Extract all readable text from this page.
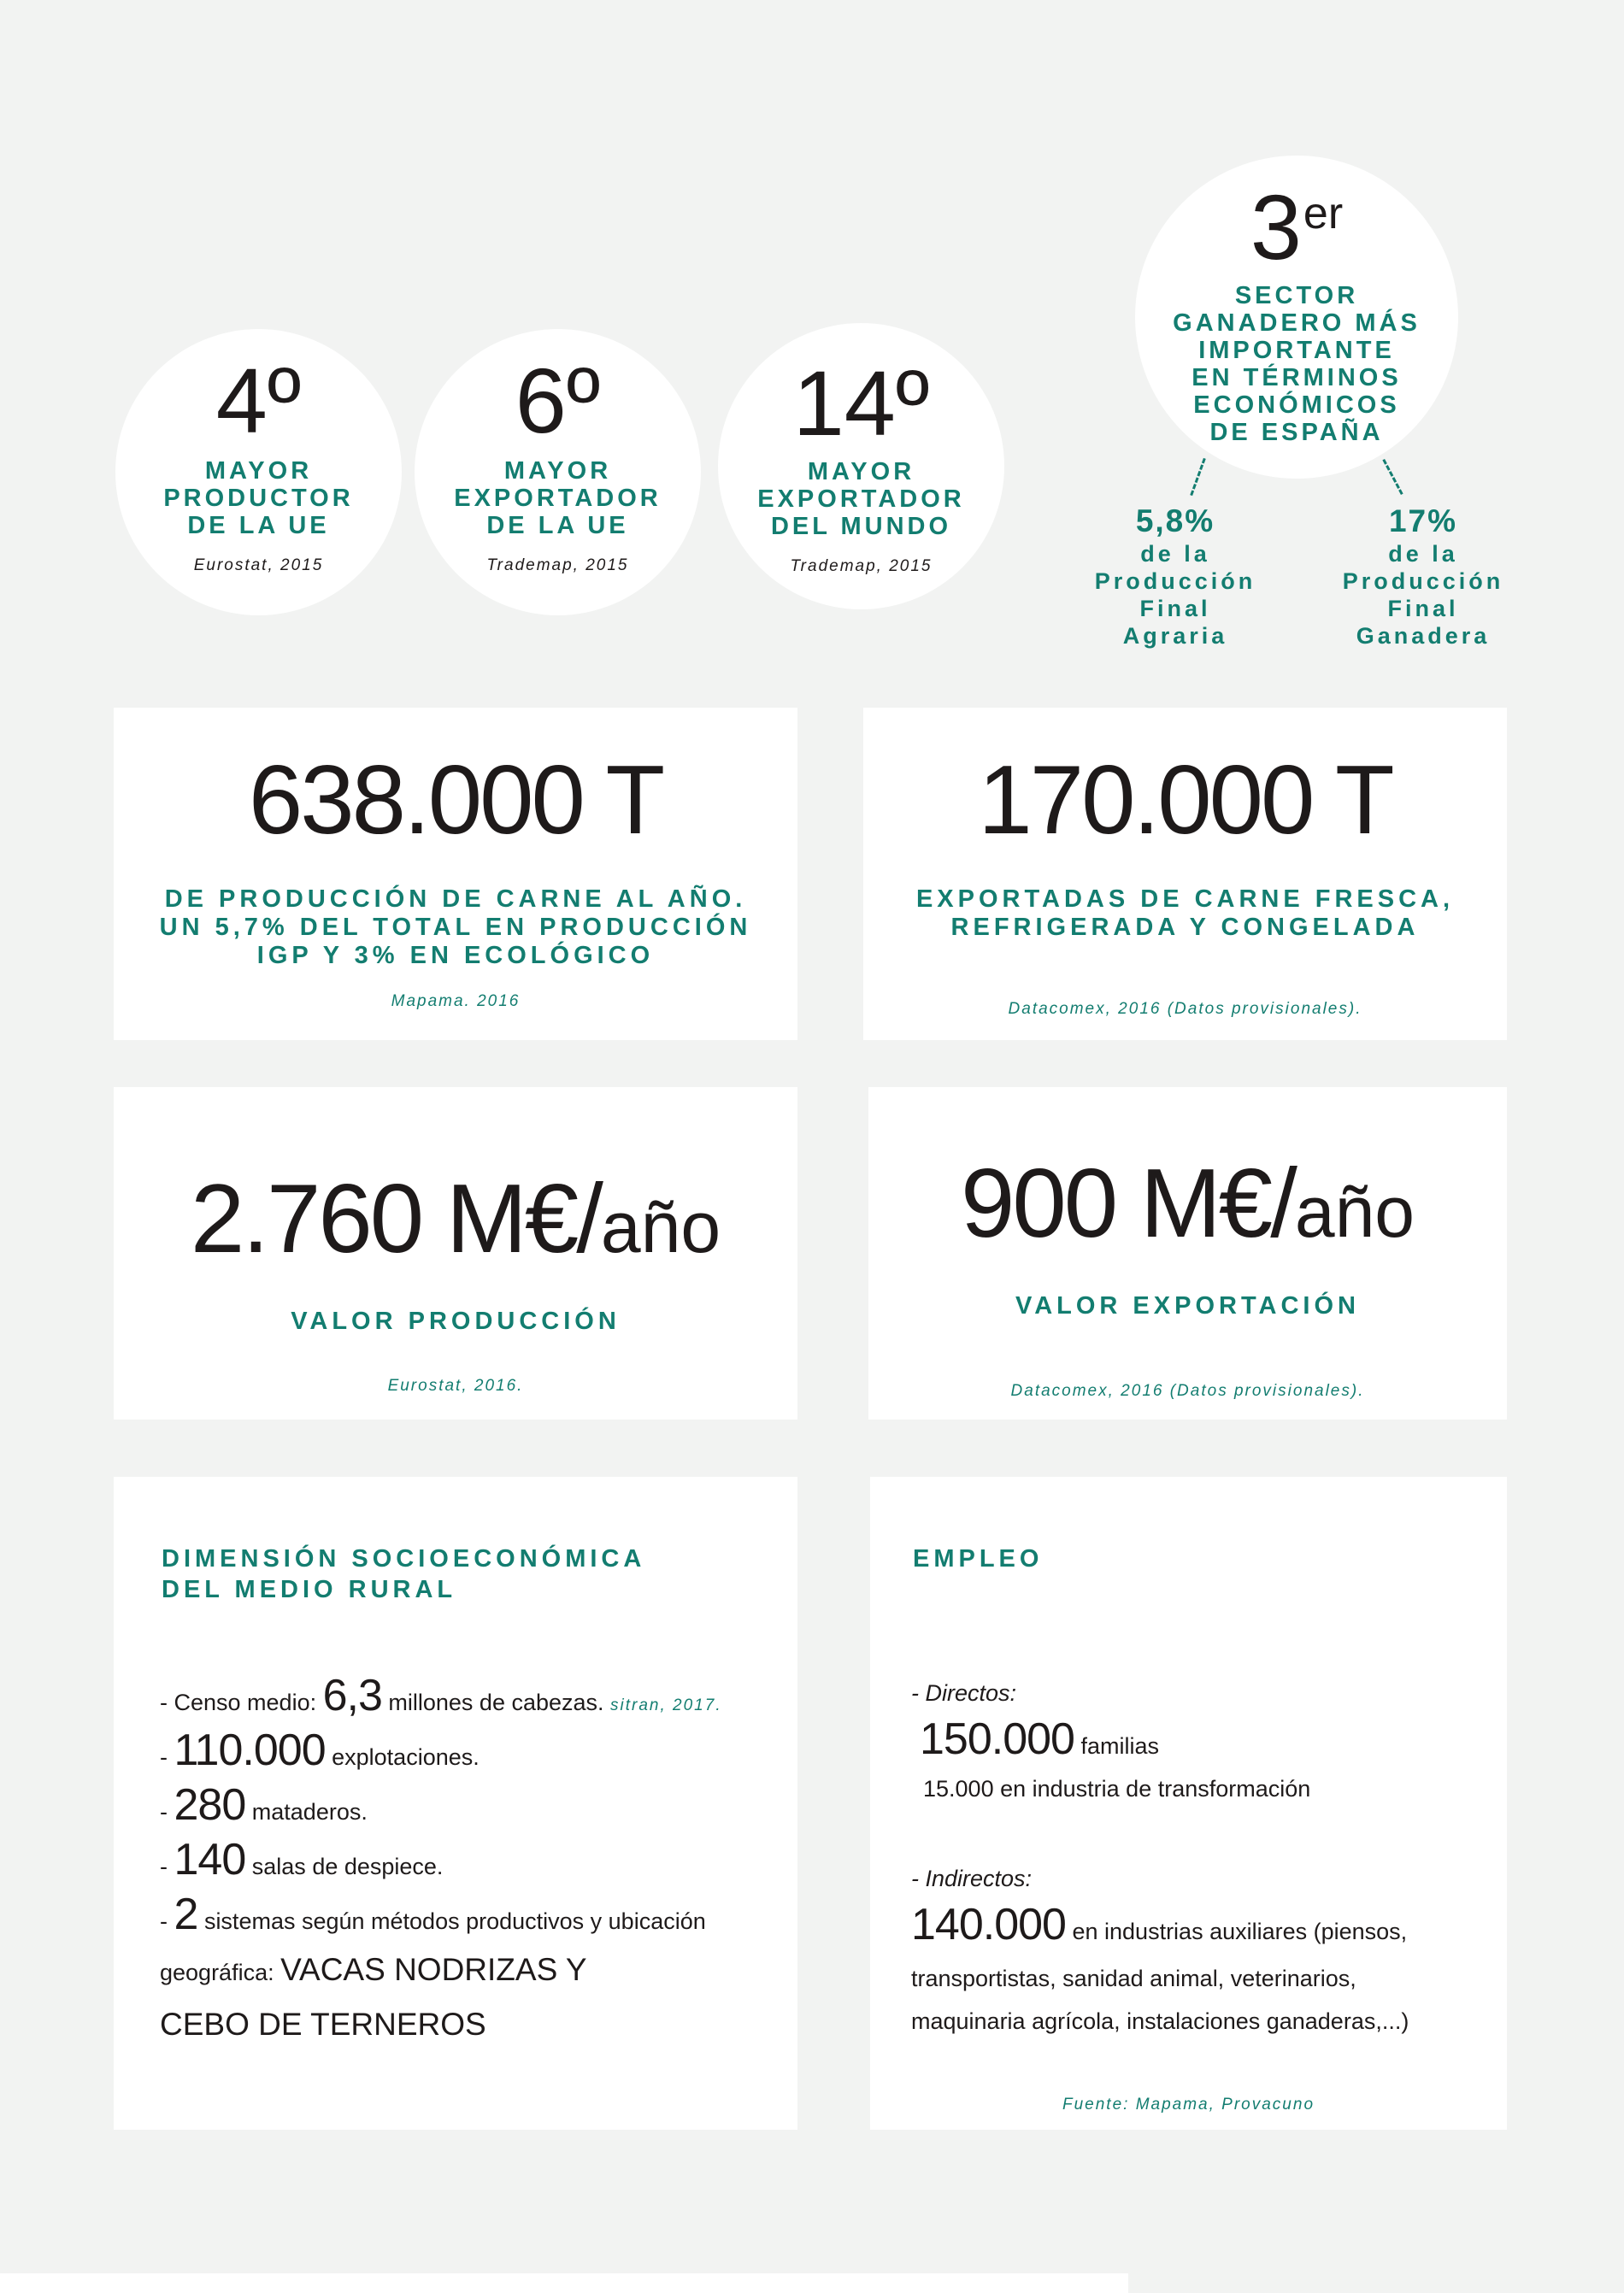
4º
MAYOR
PRODUCTOR
DE LA UE
Eurostat, 2015
6º
MAYOR
EXPORTADOR
DE LA UE
Trademap, 2015
14º
MAYOR
EXPORTADOR
DEL MUNDO
Trademap, 2015
3er
SECTOR
GANADERO MÁS
IMPORTANTE
EN TÉRMINOS
ECONÓMICOS
DE ESPAÑA
5,8%
de la
Producción
Final
Agraria
17%
de la
Producción
Final
Ganadera
638.000 T
DE PRODUCCIÓN DE CARNE AL AÑO.
UN 5,7% DEL TOTAL EN PRODUCCIÓN
IGP Y 3% EN ECOLÓGICO
Mapama. 2016
170.000 T
EXPORTADAS DE CARNE FRESCA,
REFRIGERADA Y CONGELADA
Datacomex, 2016 (Datos provisionales).
2.760 M€/año
VALOR PRODUCCIÓN
Eurostat, 2016.
900 M€/año
VALOR EXPORTACIÓN
Datacomex, 2016 (Datos provisionales).
DIMENSIÓN SOCIOECONÓMICA
DEL MEDIO RURAL
- Censo medio: 6,3 millones de cabezas. sitran, 2017.
- 110.000 explotaciones.
- 280 mataderos.
- 140 salas de despiece.
- 2 sistemas según métodos productivos y ubicación
geográfica: VACAS NODRIZAS Y
CEBO DE TERNEROS
EMPLEO
- Directos:
150.000 familias
15.000 en industria de transformación
- Indirectos:
140.000 en industrias auxiliares (piensos,
transportistas, sanidad animal, veterinarios,
maquinaria agrícola, instalaciones ganaderas,...)
Fuente: Mapama, Provacuno
